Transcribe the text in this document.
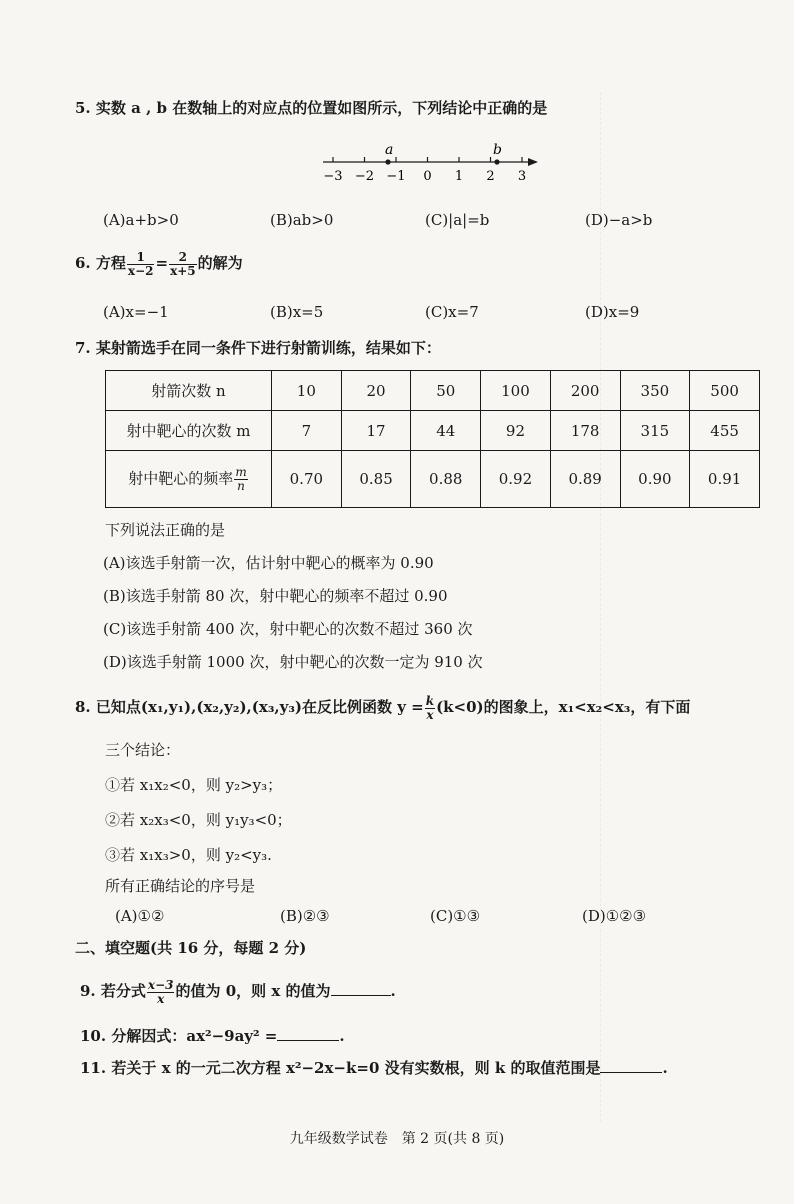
5. 实数 a , b 在数轴上的对应点的位置如图所示，下列结论中正确的是
−3 −2 −1 0 1 2 3
a	b
(A)a+b>0	(B)ab>0	(C)|a|=b	(D)−a>b
6. 方程 $\frac{1}{x-2} = \frac{2}{x+5}$ 的解为
(A)x=−1	(B)x=5	(C)x=7	(D)x=9
7. 某射箭选手在同一条件下进行射箭训练，结果如下：
射箭次数 n	10	20	50	100	200	350	500
射中靶心的次数 m	7	17	44	92	178	315	455
射中靶心的频率 $\frac{m}{n}$	0.70	0.85	0.88	0.92	0.89	0.90	0.91
下列说法正确的是
(A)该选手射箭一次，估计射中靶心的概率为 0.90
(B)该选手射箭 80 次，射中靶心的频率不超过 0.90
(C)该选手射箭 400 次，射中靶心的次数不超过 360 次
(D)该选手射箭 1000 次，射中靶心的次数一定为 910 次
8. 已知点(x₁,y₁),(x₂,y₂),(x₃,y₃)在反比例函数 $y = \frac{k}{x} (k<0)$的图象上，x₁<x₂<x₃，有下面
三个结论：
①若 x₁x₂<0，则 y₂>y₃；
②若 x₂x₃<0，则 y₁y₃<0；
③若 x₁x₃>0，则 y₂<y₃.
所有正确结论的序号是
(A)①②	(B)②③	(C)①③	(D)①②③
二、填空题(共 16 分，每题 2 分)
9. 若分式 $\frac{x-3}{x}$ 的值为 0，则 x 的值为	.
10. 分解因式：ax²−9ay² =	.
11. 若关于 x 的一元二次方程 x²−2x−k=0 没有实数根，则 k 的取值范围是	.
九年级数学试卷　第 2 页(共 8 页)
